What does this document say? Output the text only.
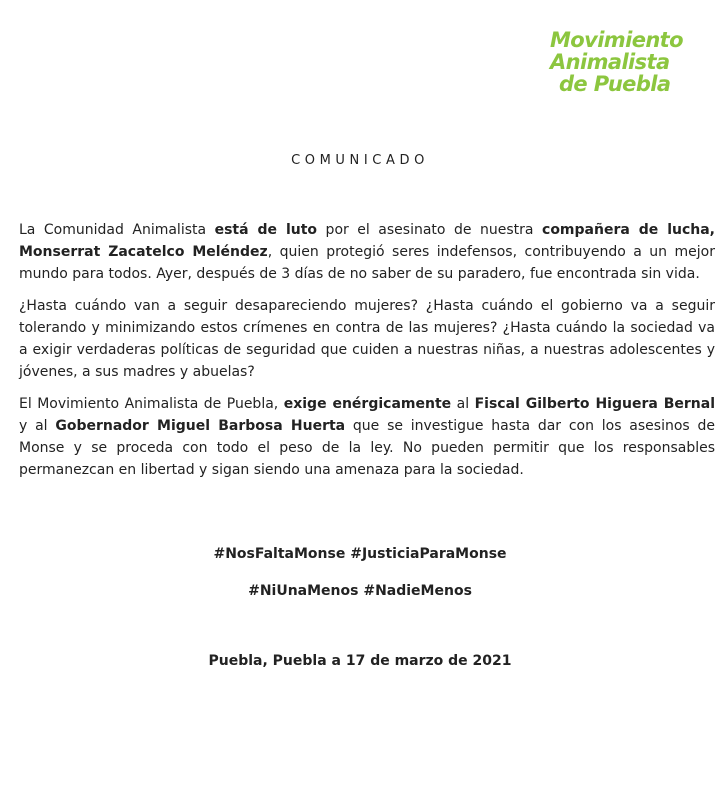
Movimiento
Animalista
de Puebla
COMUNICADO

La Comunidad Animalista está de luto por el asesinato de nuestra compañera de lucha, Monserrat Zacatelco Meléndez, quien protegió seres indefensos, contribuyendo a un mejor mundo para todos. Ayer, después de 3 días de no saber de su paradero, fue encontrada sin vida.

¿Hasta cuándo van a seguir desapareciendo mujeres? ¿Hasta cuándo el gobierno va a seguir tolerando y minimizando estos crímenes en contra de las mujeres? ¿Hasta cuándo la sociedad va a exigir verdaderas políticas de seguridad que cuiden a nuestras niñas, a nuestras adolescentes y jóvenes, a sus madres y abuelas?

El Movimiento Animalista de Puebla, exige enérgicamente al Fiscal Gilberto Higuera Bernal y al Gobernador Miguel Barbosa Huerta que se investigue hasta dar con los asesinos de Monse y se proceda con todo el peso de la ley. No pueden permitir que los responsables permanezcan en libertad y sigan siendo una amenaza para la sociedad.

#NosFaltaMonse #JusticiaParaMonse
#NiUnaMenos #NadieMenos
Puebla, Puebla a 17 de marzo de 2021
